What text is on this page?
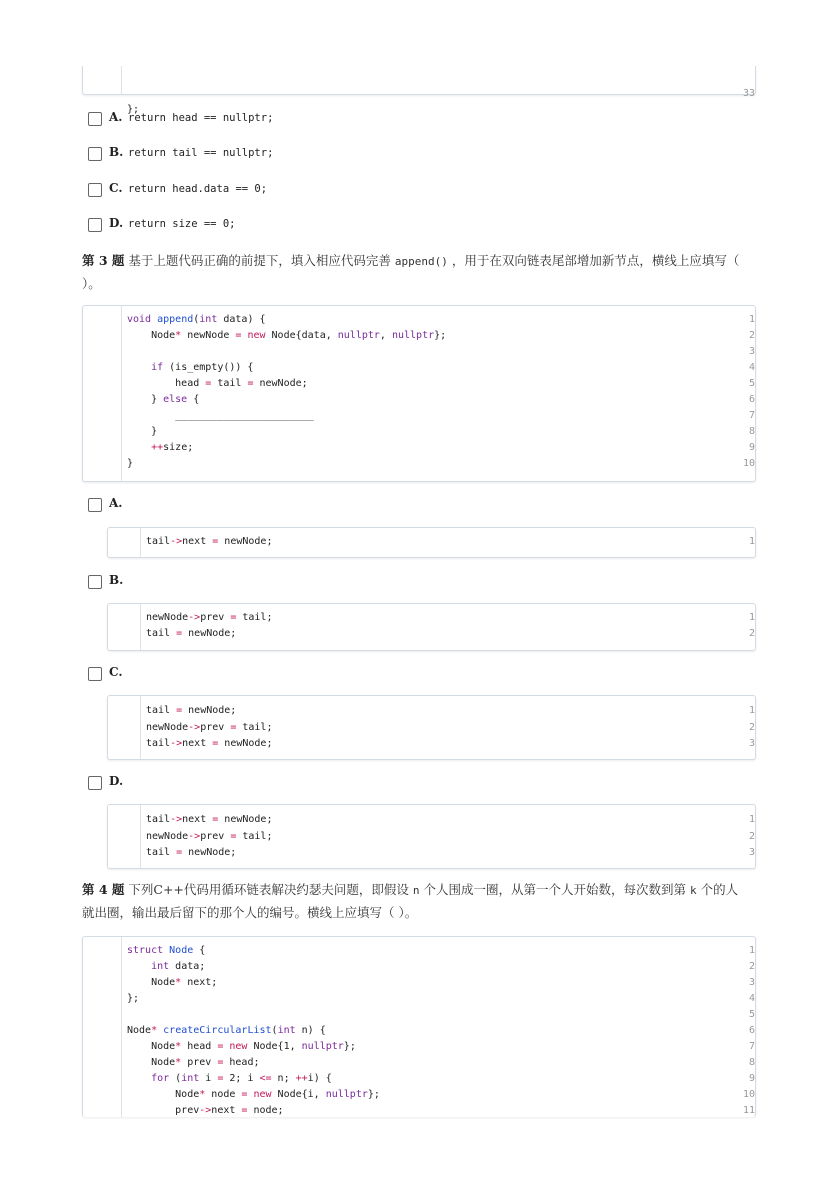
33

};

A. return head == nullptr;
B. return tail == nullptr;
C. return head.data == 0;
D. return size == 0;
第 3 题 基于上题代码正确的前提下，填入相应代码完善 append() ，用于在双向链表尾部增加新节点，横线上应填写（ ）。
1
void append(int data) {
2
Node* newNode = new Node{data, nullptr, nullptr};
3
4
if (is_empty()) {
5
head = tail = newNode;
6
} else {
7
_______________________
8
}
9
++size;
10
}
A.
1
tail->next = newNode;
B.
1
newNode->prev = tail;
2
tail = newNode;
C.
1
tail = newNode;
2
newNode->prev = tail;
3
tail->next = newNode;
D.
1
tail->next = newNode;
2
newNode->prev = tail;
3
tail = newNode;
第 4 题 下列C++代码用循环链表解决约瑟夫问题，即假设 n 个人围成一圈，从第一个人开始数，每次数到第 k 个的人就出圈，输出最后留下的那个人的编号。横线上应填写（ ）。
1
struct Node {
2
int data;
3
Node* next;
4
};
5
6
Node* createCircularList(int n) {
7
Node* head = new Node{1, nullptr};
8
Node* prev = head;
9
for (int i = 2; i <= n; ++i) {
10
Node* node = new Node{i, nullptr};
11
prev->next = node;
